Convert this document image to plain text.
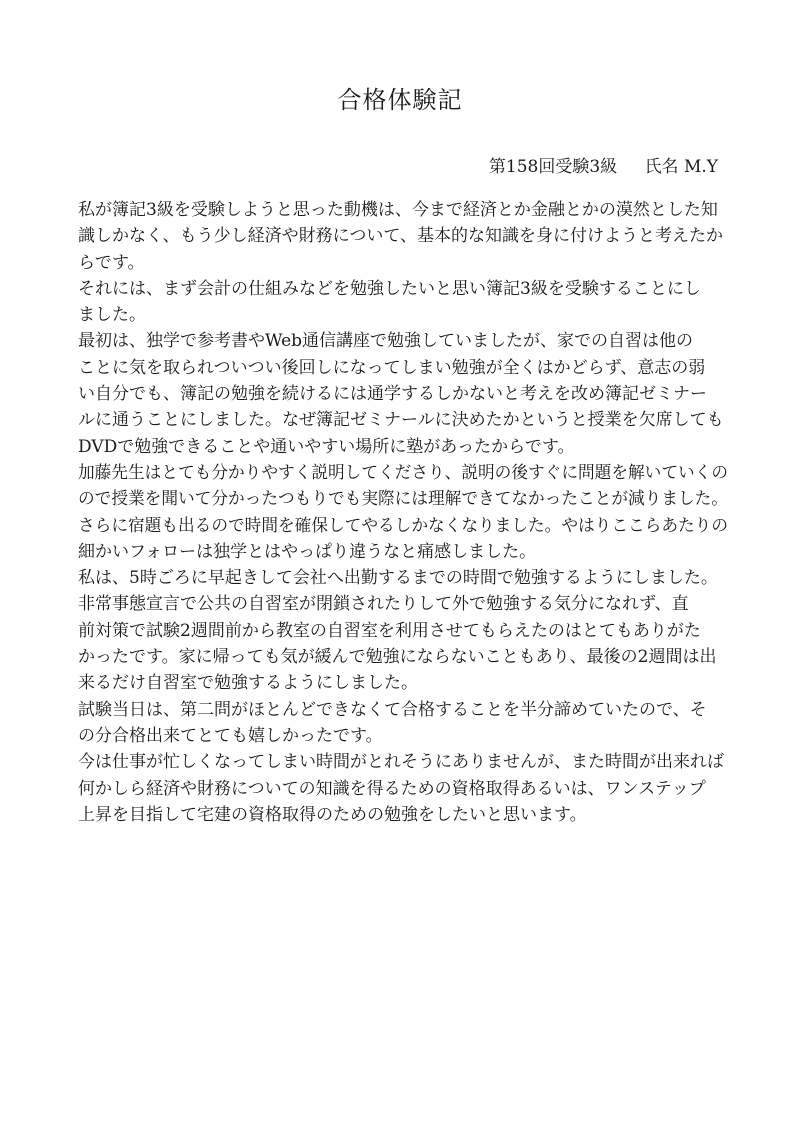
合格体験記
第158回受験3級 氏名 M.Y
私が簿記3級を受験しようと思った動機は、今まで経済とか金融とかの漠然とした知
識しかなく、もう少し経済や財務について、基本的な知識を身に付けようと考えたか
らです。
それには、まず会計の仕組みなどを勉強したいと思い簿記3級を受験することにし
ました。
最初は、独学で参考書やWeb通信講座で勉強していましたが、家での自習は他の
ことに気を取られついつい後回しになってしまい勉強が全くはかどらず、意志の弱
い自分でも、簿記の勉強を続けるには通学するしかないと考えを改め簿記ゼミナー
ルに通うことにしました。なぜ簿記ゼミナールに決めたかというと授業を欠席しても
DVDで勉強できることや通いやすい場所に塾があったからです。
加藤先生はとても分かりやすく説明してくださり、説明の後すぐに問題を解いていくの
ので授業を聞いて分かったつもりでも実際には理解できてなかったことが減りました。
さらに宿題も出るので時間を確保してやるしかなくなりました。やはりここらあたりの
細かいフォローは独学とはやっぱり違うなと痛感しました。
私は、5時ごろに早起きして会社へ出勤するまでの時間で勉強するようにしました。
非常事態宣言で公共の自習室が閉鎖されたりして外で勉強する気分になれず、直
前対策で試験2週間前から教室の自習室を利用させてもらえたのはとてもありがた
かったです。家に帰っても気が緩んで勉強にならないこともあり、最後の2週間は出
来るだけ自習室で勉強するようにしました。
試験当日は、第二問がほとんどできなくて合格することを半分諦めていたので、そ
の分合格出来てとても嬉しかったです。
今は仕事が忙しくなってしまい時間がとれそうにありませんが、また時間が出来れば
何かしら経済や財務についての知識を得るための資格取得あるいは、ワンステップ
上昇を目指して宅建の資格取得のための勉強をしたいと思います。
